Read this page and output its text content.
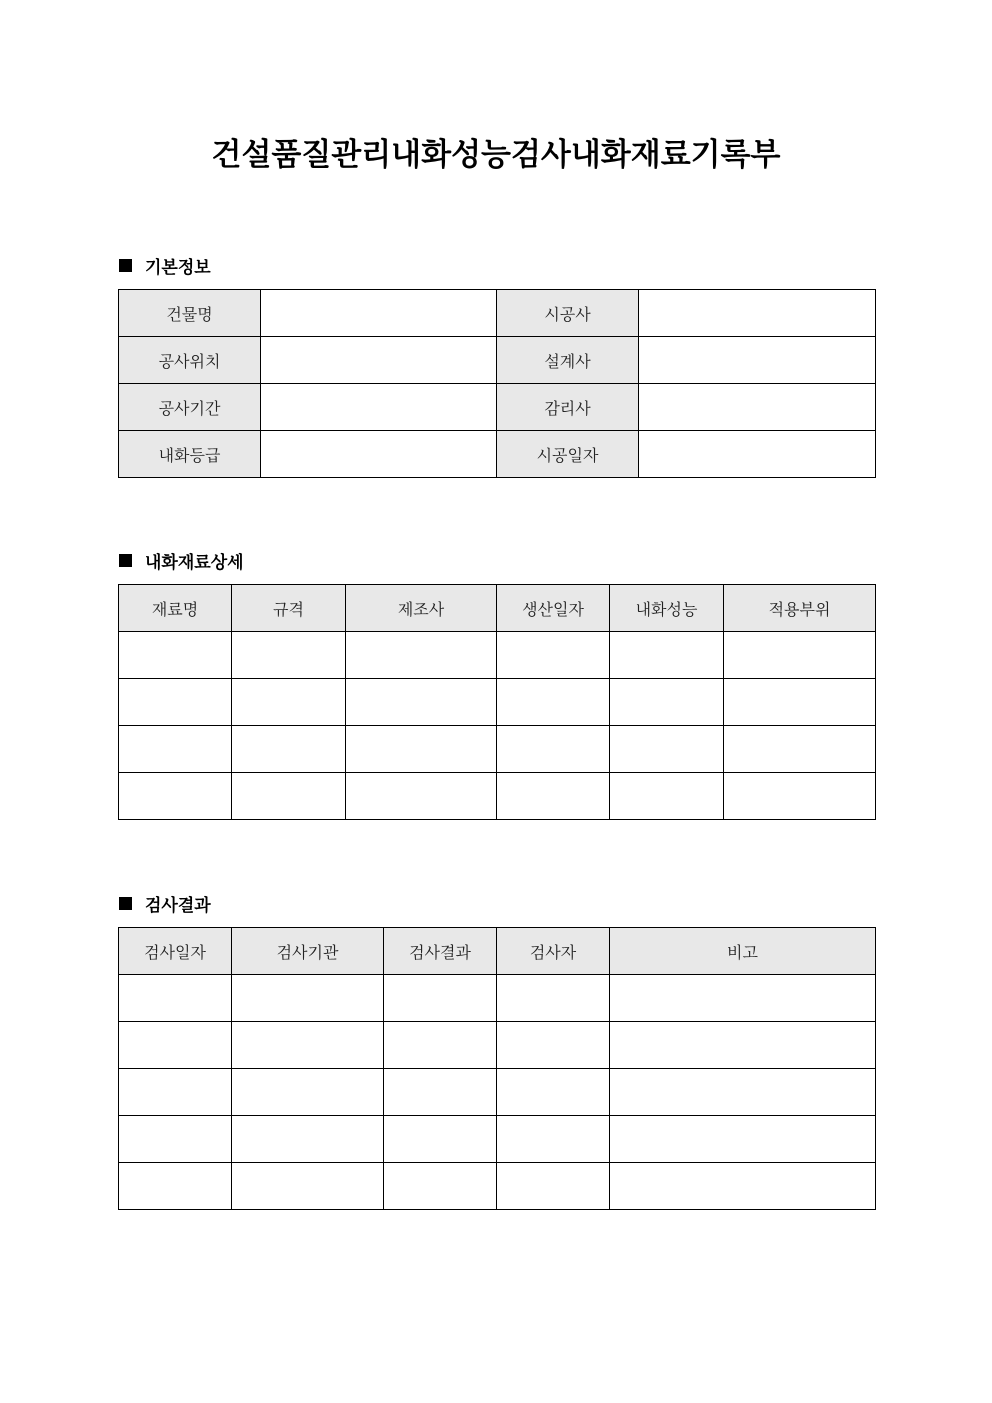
건설품질관리내화성능검사내화재료기록부
기본정보
건물명		시공사	
공사위치		설계사	
공사기간		감리사	
내화등급		시공일자	
내화재료상세
재료명	규격	제조사	생산일자	내화성능	적용부위

검사결과
검사일자	검사기관	검사결과	검사자	비고
